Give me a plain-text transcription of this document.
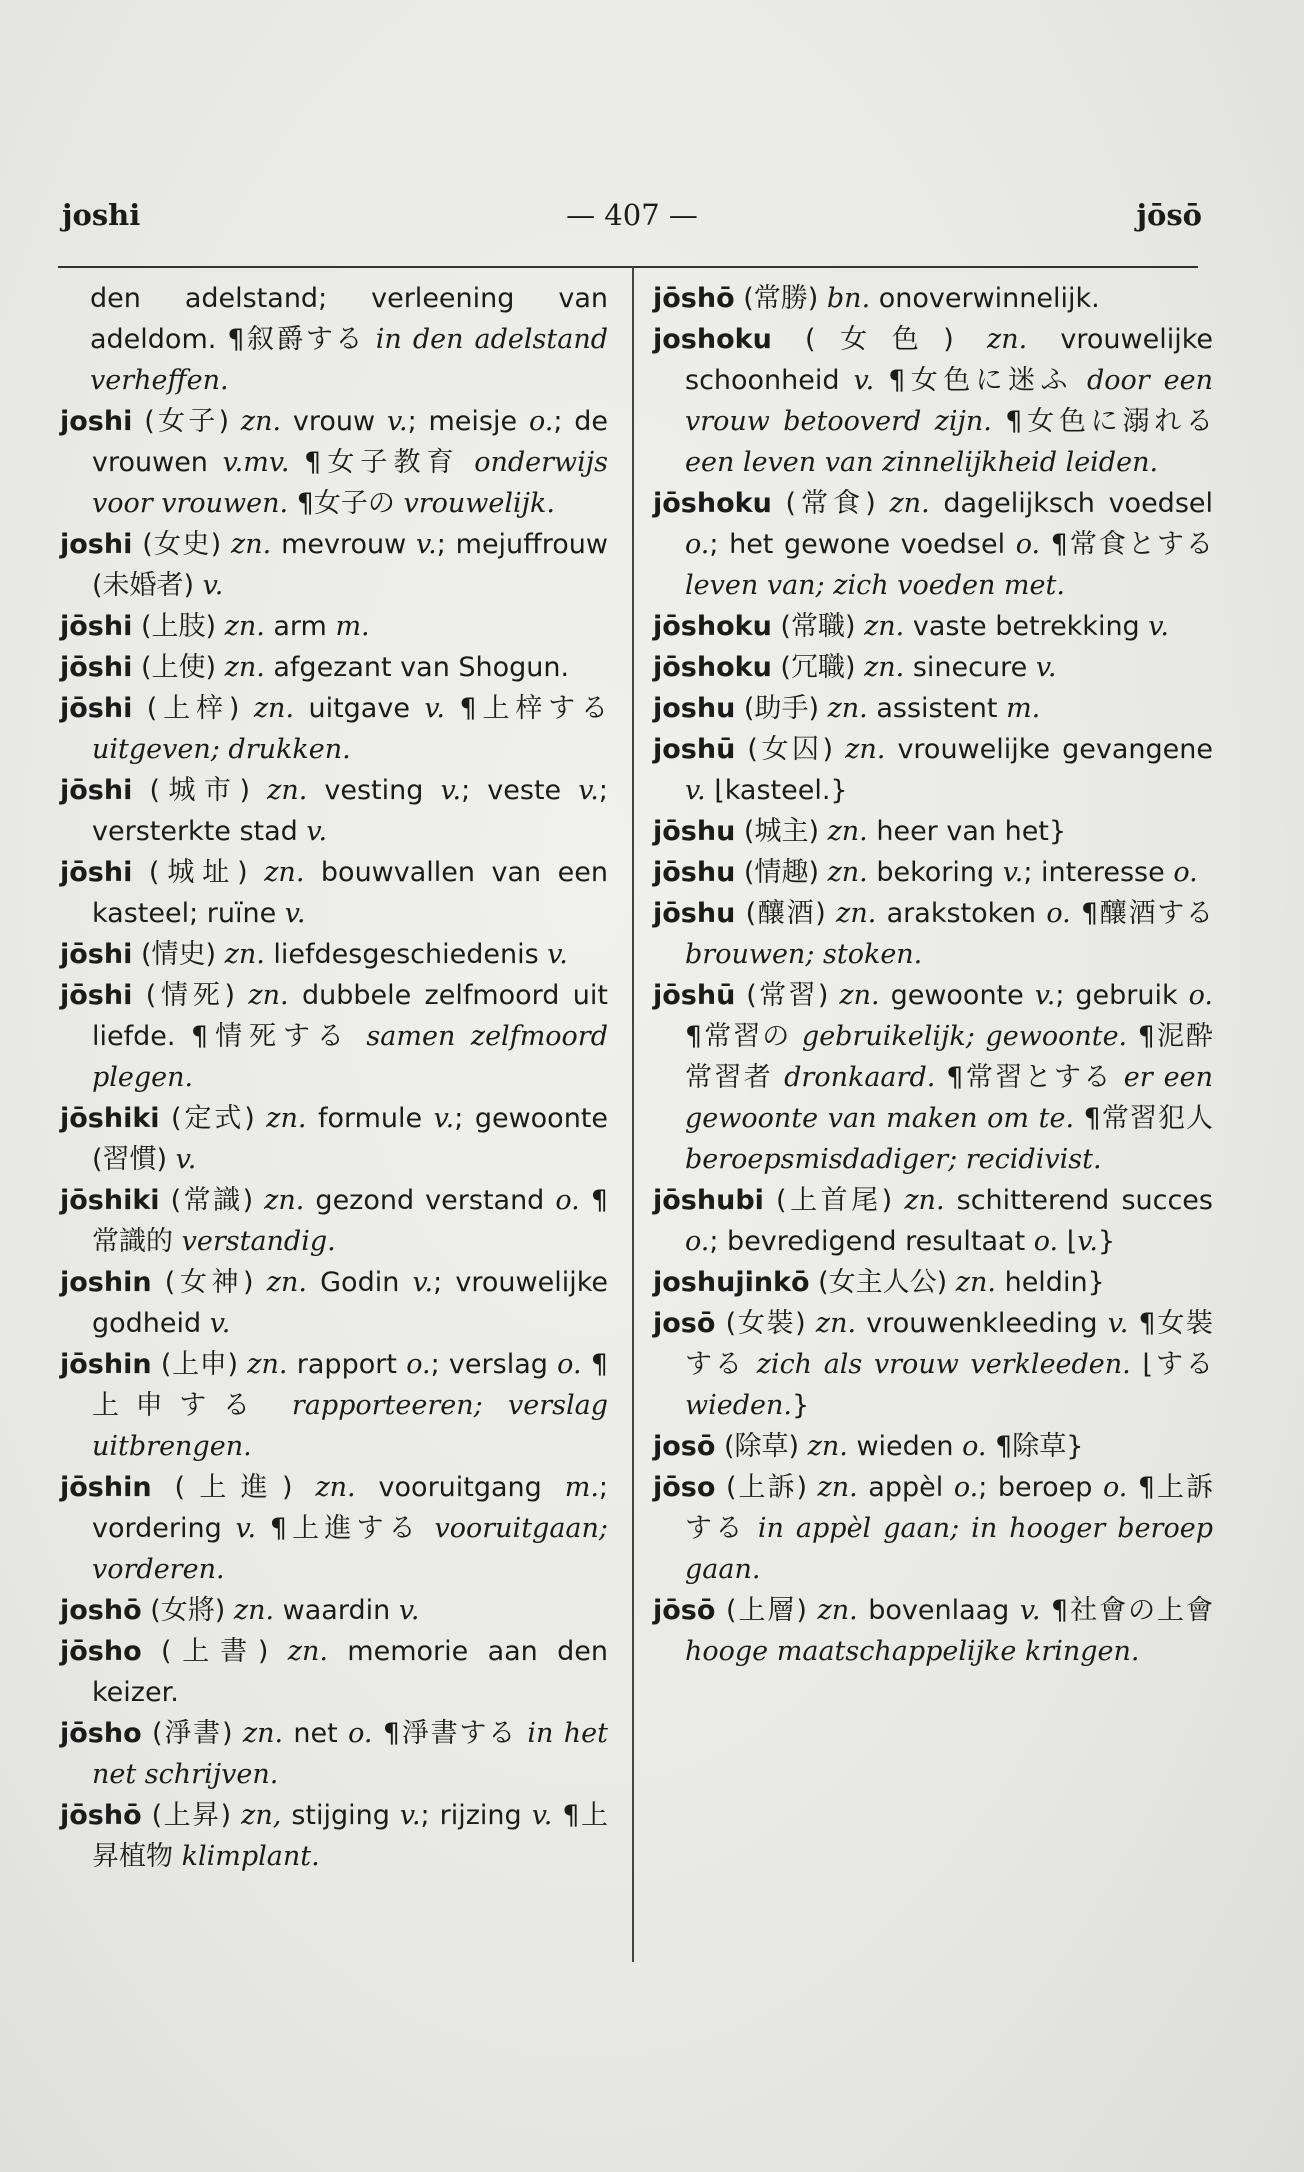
joshi	— 407 —	jōsō
den adelstand; verleening van adeldom. ¶叙爵する in den adelstand verheffen.
joshi (女子) zn. vrouw v.; meisje o.; de vrouwen v.mv. ¶女子教育 onderwijs voor vrouwen. ¶女子の vrouwelijk.
joshi (女史) zn. mevrouw v.; mejuffrouw (未婚者) v.
jōshi (上肢) zn. arm m.
jōshi (上使) zn. afgezant van Shogun.
jōshi (上梓) zn. uitgave v. ¶上梓する uitgeven; drukken.
jōshi (城市) zn. vesting v.; veste v.; versterkte stad v.
jōshi (城址) zn. bouwvallen van een kasteel; ruïne v.
jōshi (情史) zn. liefdesgeschiedenis v.
jōshi (情死) zn. dubbele zelfmoord uit liefde. ¶情死する samen zelfmoord plegen.
jōshiki (定式) zn. formule v.; gewoonte (習慣) v.
jōshiki (常識) zn. gezond verstand o. ¶常識的 verstandig.
joshin (女神) zn. Godin v.; vrouwelijke godheid v.
jōshin (上申) zn. rapport o.; verslag o. ¶上申する rapporteeren; verslag uitbrengen.
jōshin (上進) zn. vooruitgang m.; vordering v. ¶上進する vooruitgaan; vorderen.
joshō (女將) zn. waardin v.
jōsho (上書) zn. memorie aan den keizer.
jōsho (淨書) zn. net o. ¶淨書する in het net schrijven.
jōshō (上昇) zn, stijging v.; rijzing v. ¶上昇植物 klimplant.
jōshō (常勝) bn. onoverwinnelijk.
joshoku (女色) zn. vrouwelijke schoonheid v. ¶女色に迷ふ door een vrouw betooverd zijn. ¶女色に溺れる een leven van zinnelijkheid leiden.
jōshoku (常食) zn. dagelijksch voedsel o.; het gewone voedsel o. ¶常食とする leven van; zich voeden met.
jōshoku (常職) zn. vaste betrekking v.
jōshoku (冗職) zn. sinecure v.
joshu (助手) zn. assistent m.
joshū (女囚) zn. vrouwelijke gevangene v. ⌊kasteel.}
jōshu (城主) zn. heer van het}
jōshu (情趣) zn. bekoring v.; interesse o.
jōshu (釀酒) zn. arakstoken o. ¶釀酒する brouwen; stoken.
jōshū (常習) zn. gewoonte v.; gebruik o. ¶常習の gebruikelijk; gewoonte. ¶泥酔常習者 dronkaard. ¶常習とする er een gewoonte van maken om te. ¶常習犯人 beroepsmisdadiger; recidivist.
jōshubi (上首尾) zn. schitterend succes o.; bevredigend resultaat o. ⌊v.}
joshujinkō (女主人公) zn. heldin}
josō (女裝) zn. vrouwenkleeding v. ¶女裝する zich als vrouw verkleeden. ⌊する wieden.}
josō (除草) zn. wieden o. ¶除草}
jōso (上訴) zn. appèl o.; beroep o. ¶上訴する in appèl gaan; in hooger beroep gaan.
jōsō (上層) zn. bovenlaag v. ¶社會の上會 hooge maatschappelijke kringen.
